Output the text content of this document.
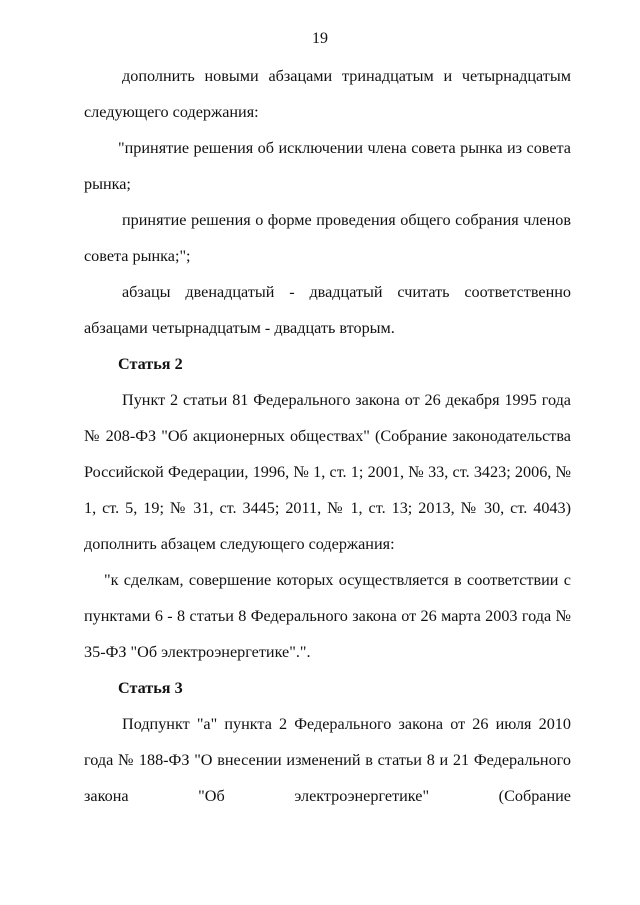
19

дополнить новыми абзацами тринадцатым и четырнадцатым следующего содержания:

"принятие решения об исключении члена совета рынка из совета рынка;

принятие решения о форме проведения общего собрания членов совета рынка;";

абзацы двенадцатый - двадцатый считать соответственно абзацами четырнадцатым - двадцать вторым.

Статья 2

Пункт 2 статьи 81 Федерального закона от 26 декабря 1995 года № 208-ФЗ "Об акционерных обществах" (Собрание законодательства Российской Федерации, 1996, № 1, ст. 1; 2001, № 33, ст. 3423; 2006, № 1, ст. 5, 19; № 31, ст. 3445; 2011, № 1, ст. 13; 2013, № 30, ст. 4043) дополнить абзацем следующего содержания:

"к сделкам, совершение которых осуществляется в соответствии с пунктами 6 - 8 статьи 8 Федерального закона от 26 марта 2003 года № 35-ФЗ "Об электроэнергетике".".

Статья 3

Подпункт "а" пункта 2 Федерального закона от 26 июля 2010 года № 188-ФЗ "О внесении изменений в статьи 8 и 21 Федерального закона "Об электроэнергетике" (Собрание
